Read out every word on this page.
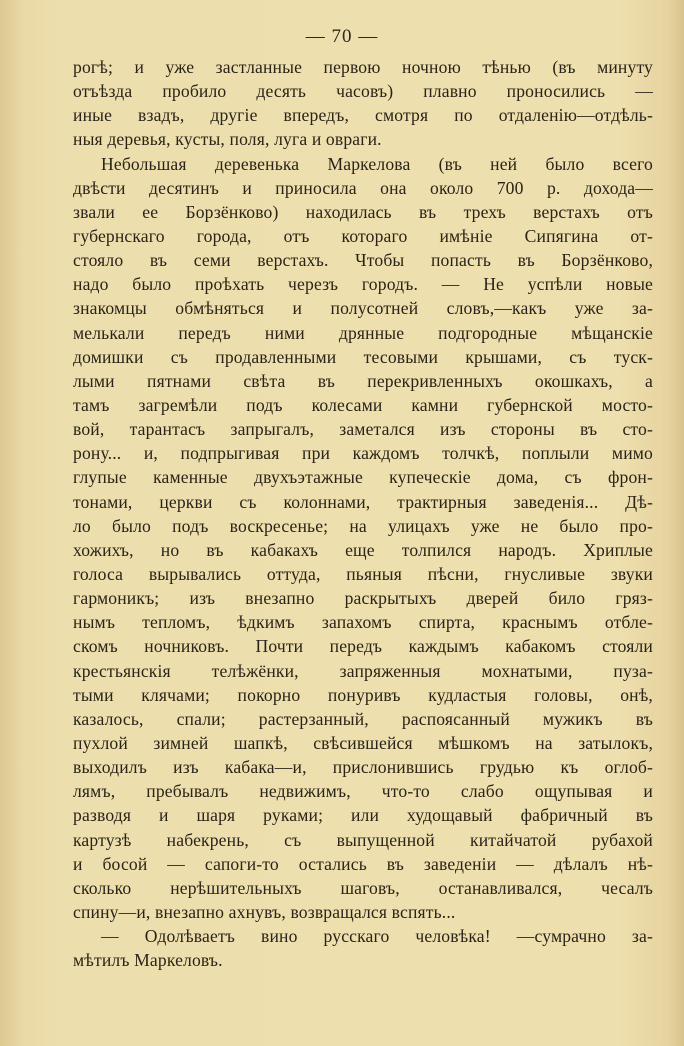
— 70 —
рогѣ; и уже застланные первою ночною тѣнью (въ минуту
отъѣзда пробило десять часовъ) плавно проносились —
иные взадъ, другіе впередъ, смотря по отдаленію—отдѣль-
ныя деревья, кусты, поля, луга и овраги.
Небольшая деревенька Маркелова (въ ней было всего
двѣсти десятинъ и приносила она около 700 р. дохода—
звали ее Борзёнково) находилась въ трехъ верстахъ отъ
губернскаго города, отъ котораго имѣніе Сипягина от-
стояло въ семи верстахъ. Чтобы попасть въ Борзёнково,
надо было проѣхать черезъ городъ. — Не успѣли новые
знакомцы обмѣняться и полусотней словъ,—какъ уже за-
мелькали передъ ними дрянные подгородные мѣщанскіе
домишки съ продавленными тесовыми крышами, съ туск-
лыми пятнами свѣта въ перекривленныхъ окошкахъ, а
тамъ загремѣли подъ колесами камни губернской мосто-
вой, тарантасъ запрыгалъ, заметался изъ стороны въ сто-
рону... и, подпрыгивая при каждомъ толчкѣ, поплыли мимо
глупые каменные двухъэтажные купеческіе дома, съ фрон-
тонами, церкви съ колоннами, трактирныя заведенія... Дѣ-
ло было подъ воскресенье; на улицахъ уже не было про-
хожихъ, но въ кабакахъ еще толпился народъ. Хриплые
голоса вырывались оттуда, пьяныя пѣсни, гнусливые звуки
гармоникъ; изъ внезапно раскрытыхъ дверей било гряз-
нымъ тепломъ, ѣдкимъ запахомъ спирта, краснымъ отбле-
скомъ ночниковъ. Почти передъ каждымъ кабакомъ стояли
крестьянскія телѣжёнки, запряженныя мохнатыми, пуза-
тыми клячами; покорно понуривъ кудластыя головы, онѣ,
казалось, спали; растерзанный, распоясанный мужикъ въ
пухлой зимней шапкѣ, свѣсившейся мѣшкомъ на затылокъ,
выходилъ изъ кабака—и, прислонившись грудью къ оглоб-
лямъ, пребывалъ недвижимъ, что-то слабо ощупывая и
разводя и шаря руками; или худощавый фабричный въ
картузѣ набекрень, съ выпущенной китайчатой рубахой
и босой — сапоги-то остались въ заведеніи — дѣлалъ нѣ-
сколько нерѣшительныхъ шаговъ, останавливался, чесалъ
спину—и, внезапно ахнувъ, возвращался вспять...
— Одолѣваетъ вино русскаго человѣка! —сумрачно за-
мѣтилъ Маркеловъ.
